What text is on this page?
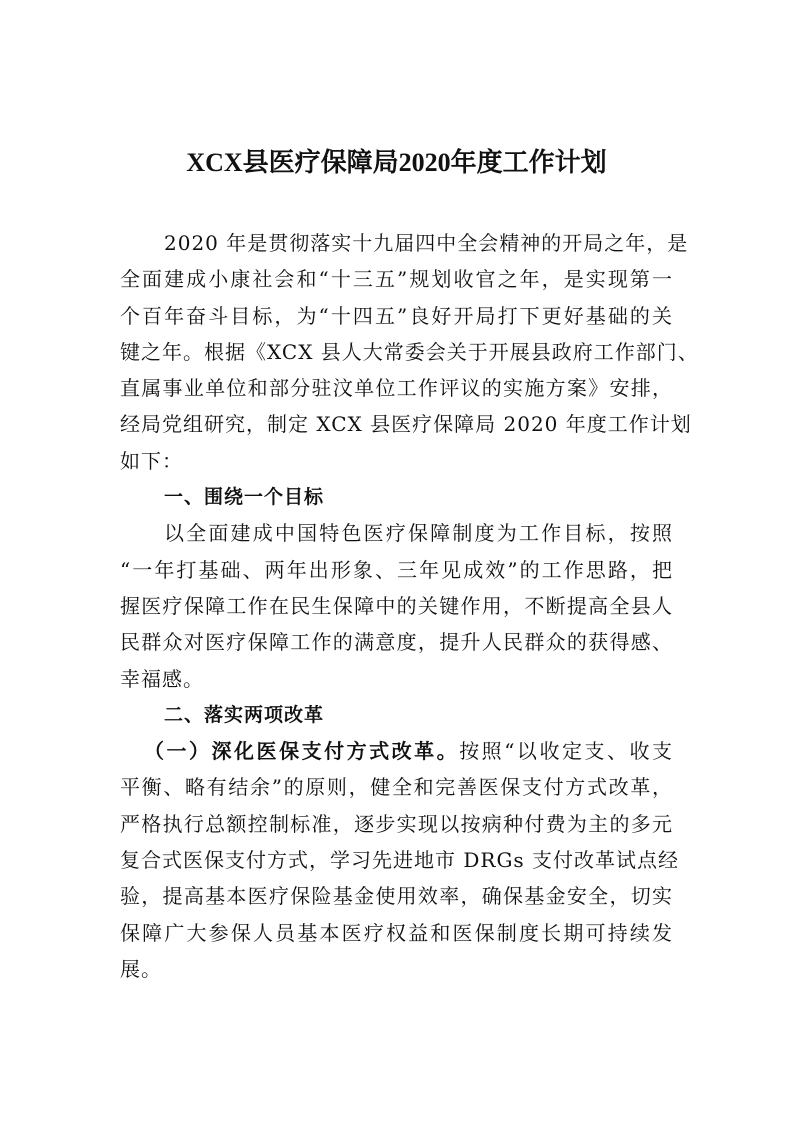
XCX县医疗保障局2020年度工作计划
2020 年是贯彻落实十九届四中全会精神的开局之年，是
全面建成小康社会和“十三五”规划收官之年，是实现第一
个百年奋斗目标，为“十四五”良好开局打下更好基础的关
键之年。根据《XCX 县人大常委会关于开展县政府工作部门、
直属事业单位和部分驻汶单位工作评议的实施方案》安排，
经局党组研究，制定 XCX 县医疗保障局 2020 年度工作计划
如下：
一、围绕一个目标
以全面建成中国特色医疗保障制度为工作目标，按照
“一年打基础、两年出形象、三年见成效”的工作思路，把
握医疗保障工作在民生保障中的关键作用，不断提高全县人
民群众对医疗保障工作的满意度，提升人民群众的获得感、
幸福感。
二、落实两项改革
（一）深化医保支付方式改革。按照“以收定支、收支
平衡、略有结余”的原则，健全和完善医保支付方式改革，
严格执行总额控制标准，逐步实现以按病种付费为主的多元
复合式医保支付方式，学习先进地市 DRGs 支付改革试点经
验，提高基本医疗保险基金使用效率，确保基金安全，切实
保障广大参保人员基本医疗权益和医保制度长期可持续发
展。
